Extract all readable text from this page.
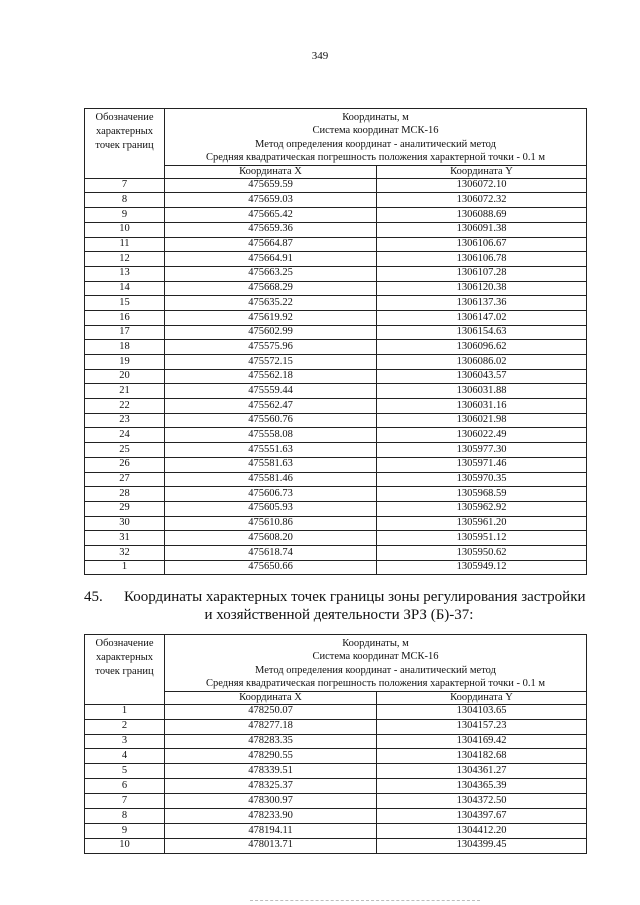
349
Обозначение характерных точек границ	Координаты, м
Система координат МСК-16
Метод определения координат - аналитический метод
Средняя квадратическая погрешность положения характерной точки - 0.1 м	

	Координата X	Координата Y
7	475659.59	1306072.10
8	475659.03	1306072.32
9	475665.42	1306088.69
10	475659.36	1306091.38
11	475664.87	1306106.67
12	475664.91	1306106.78
13	475663.25	1306107.28
14	475668.29	1306120.38
15	475635.22	1306137.36
16	475619.92	1306147.02
17	475602.99	1306154.63
18	475575.96	1306096.62
19	475572.15	1306086.02
20	475562.18	1306043.57
21	475559.44	1306031.88
22	475562.47	1306031.16
23	475560.76	1306021.98
24	475558.08	1306022.49
25	475551.63	1305977.30
26	475581.63	1305971.46
27	475581.46	1305970.35
28	475606.73	1305968.59
29	475605.93	1305962.92
30	475610.86	1305961.20
31	475608.20	1305951.12
32	475618.74	1305950.62
1	475650.66	1305949.12
45. Координаты характерных точек границы зоны регулирования застройки
и хозяйственной деятельности ЗРЗ (Б)-37:
Обозначение характерных точек границ	Координаты, м
Система координат МСК-16
Метод определения координат - аналитический метод
Средняя квадратическая погрешность положения характерной точки - 0.1 м	

	Координата X	Координата Y
1	478250.07	1304103.65
2	478277.18	1304157.23
3	478283.35	1304169.42
4	478290.55	1304182.68
5	478339.51	1304361.27
6	478325.37	1304365.39
7	478300.97	1304372.50
8	478233.90	1304397.67
9	478194.11	1304412.20
10	478013.71	1304399.45
